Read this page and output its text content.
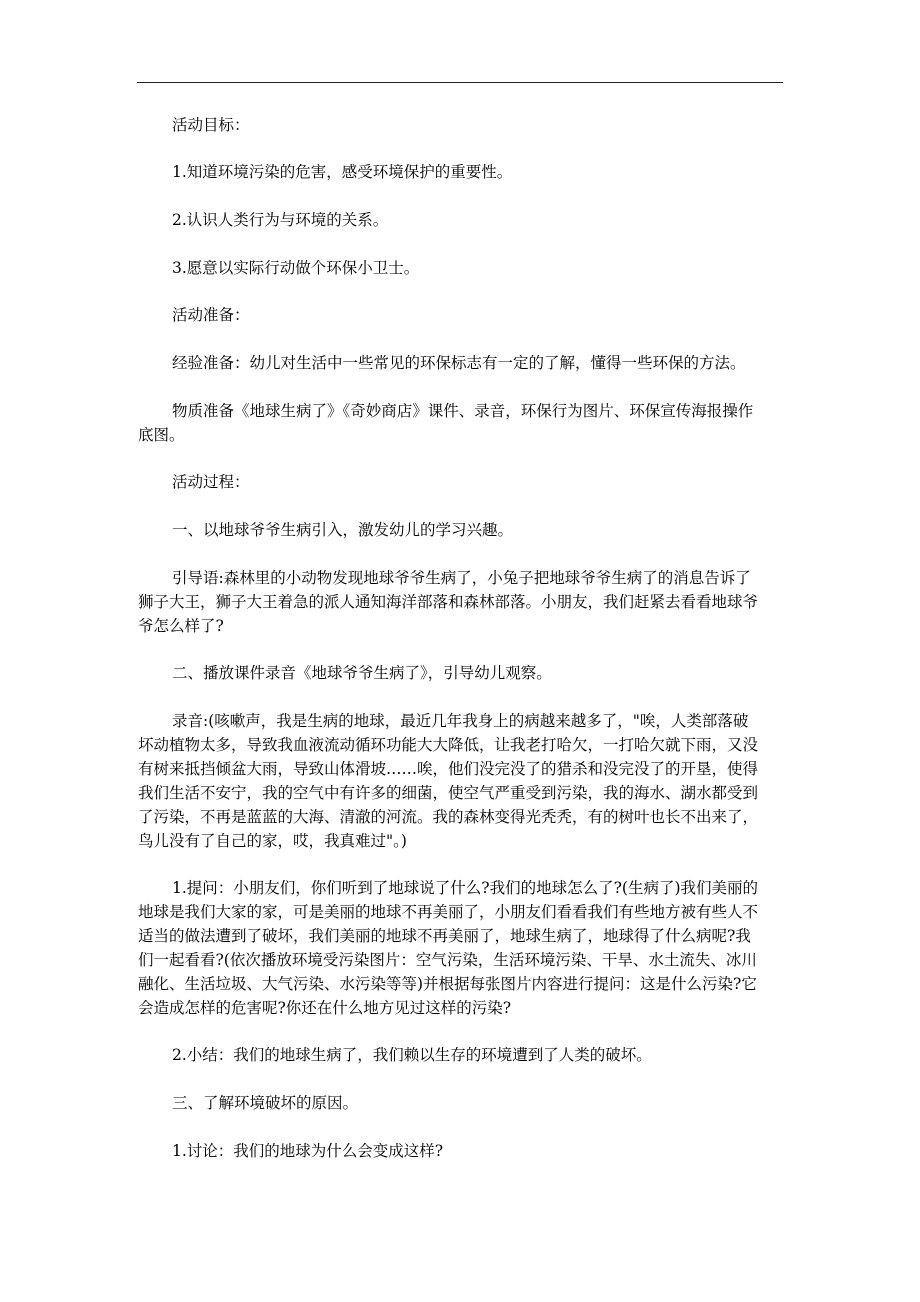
活动目标：

1.知道环境污染的危害，感受环境保护的重要性。

2.认识人类行为与环境的关系。

3.愿意以实际行动做个环保小卫士。

活动准备：

经验准备：幼儿对生活中一些常见的环保标志有一定的了解，懂得一些环保的方法。

物质准备《地球生病了》《奇妙商店》课件、录音，环保行为图片、环保宣传海报操作
底图。

活动过程：

一、以地球爷爷生病引入，激发幼儿的学习兴趣。

引导语:森林里的小动物发现地球爷爷生病了，小兔子把地球爷爷生病了的消息告诉了
狮子大王，狮子大王着急的派人通知海洋部落和森林部落。小朋友，我们赶紧去看看地球爷
爷怎么样了?

二、播放课件录音《地球爷爷生病了》，引导幼儿观察。

录音:(咳嗽声，我是生病的地球，最近几年我身上的病越来越多了，"唉，人类部落破
坏动植物太多，导致我血液流动循环功能大大降低，让我老打哈欠，一打哈欠就下雨，又没
有树来抵挡倾盆大雨，导致山体滑坡……唉，他们没完没了的猎杀和没完没了的开垦，使得
我们生活不安宁，我的空气中有许多的细菌，使空气严重受到污染，我的海水、湖水都受到
了污染，不再是蓝蓝的大海、清澈的河流。我的森林变得光秃秃，有的树叶也长不出来了，
鸟儿没有了自己的家，哎，我真难过"。)

1.提问：小朋友们，你们听到了地球说了什么?我们的地球怎么了?(生病了)我们美丽的
地球是我们大家的家，可是美丽的地球不再美丽了，小朋友们看看我们有些地方被有些人不
适当的做法遭到了破坏，我们美丽的地球不再美丽了，地球生病了，地球得了什么病呢?我
们一起看看?(依次播放环境受污染图片：空气污染，生活环境污染、干旱、水土流失、冰川
融化、生活垃圾、大气污染、水污染等等)并根据每张图片内容进行提问：这是什么污染?它
会造成怎样的危害呢?你还在什么地方见过这样的污染?

2.小结：我们的地球生病了，我们赖以生存的环境遭到了人类的破坏。

三、了解环境破坏的原因。

1.讨论：我们的地球为什么会变成这样?
